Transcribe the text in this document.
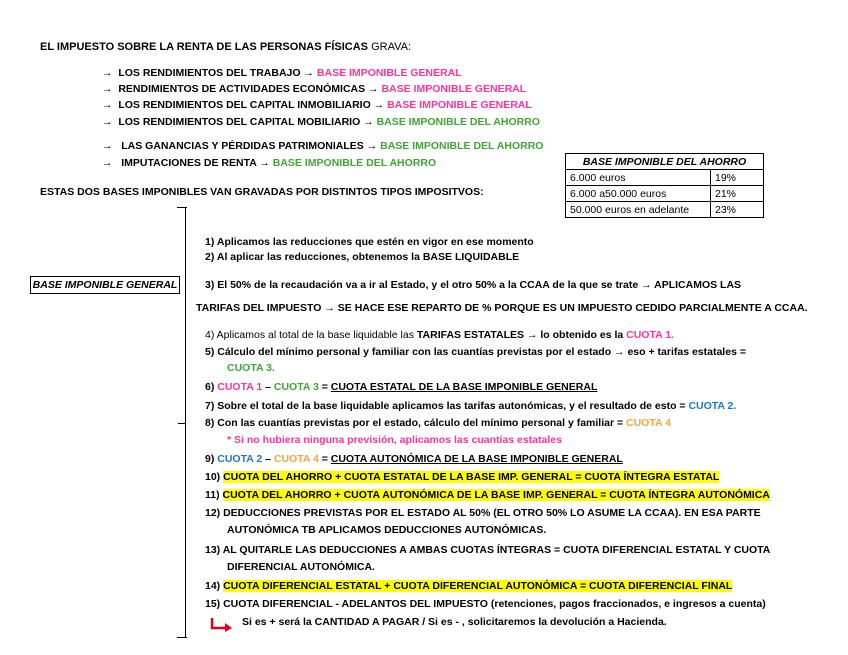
EL IMPUESTO SOBRE LA RENTA DE LAS PERSONAS FÍSICAS GRAVA:
→ LOS RENDIMIENTOS DEL TRABAJO → BASE IMPONIBLE GENERAL
→ RENDIMIENTOS DE ACTIVIDADES ECONÓMICAS → BASE IMPONIBLE GENERAL
→ LOS RENDIMIENTOS DEL CAPITAL INMOBILIARIO → BASE IMPONIBLE GENERAL
→ LOS RENDIMIENTOS DEL CAPITAL MOBILIARIO → BASE IMPONIBLE DEL AHORRO
→ LAS GANANCIAS Y PÉRDIDAS PATRIMONIALES → BASE IMPONIBLE DEL AHORRO
→ IMPUTACIONES DE RENTA → BASE IMPONIBLE DEL AHORRO
ESTAS DOS BASES IMPONIBLES VAN GRAVADAS POR DISTINTOS TIPOS IMPOSITVOS:
BASE IMPONIBLE DEL AHORRO	
6.000 euros	19%
6.000 a50.000 euros	21%
50.000 euros en adelante	23%
BASE IMPONIBLE GENERAL
1) Aplicamos las reducciones que estén en vigor en ese momento
2) Al aplicar las reducciones, obtenemos la BASE LIQUIDABLE
3) El 50% de la recaudación va a ir al Estado, y el otro 50% a la CCAA de la que se trate → APLICAMOS LAS
TARIFAS DEL IMPUESTO → SE HACE ESE REPARTO DE % PORQUE ES UN IMPUESTO CEDIDO PARCIALMENTE A CCAA.
4) Aplicamos al total de la base liquidable las TARIFAS ESTATALES → lo obtenido es la CUOTA 1.
5) Cálculo del mínimo personal y familiar con las cuantías previstas por el estado → eso + tarifas estatales =
CUOTA 3.
6) CUOTA 1 – CUOTA 3 = CUOTA ESTATAL DE LA BASE IMPONIBLE GENERAL
7) Sobre el total de la base liquidable aplicamos las tarifas autonómicas, y el resultado de esto = CUOTA 2.
8) Con las cuantías previstas por el estado, cálculo del mínimo personal y familiar = CUOTA 4
* Si no hubiera ninguna previsión, aplicamos las cuantías estatales
9) CUOTA 2 – CUOTA 4 = CUOTA AUTONÓMICA DE LA BASE IMPONIBLE GENERAL
10) CUOTA DEL AHORRO + CUOTA ESTATAL DE LA BASE IMP. GENERAL = CUOTA ÍNTEGRA ESTATAL
11) CUOTA DEL AHORRO + CUOTA AUTONÓMICA DE LA BASE IMP. GENERAL = CUOTA ÍNTEGRA AUTONÓMICA
12) DEDUCCIONES PREVISTAS POR EL ESTADO AL 50% (EL OTRO 50% LO ASUME LA CCAA). EN ESA PARTE
AUTONÓMICA TB APLICAMOS DEDUCCIONES AUTONÓMICAS.
13) AL QUITARLE LAS DEDUCCIONES A AMBAS CUOTAS ÍNTEGRAS = CUOTA DIFERENCIAL ESTATAL Y CUOTA
DIFERENCIAL AUTONÓMICA.
14) CUOTA DIFERENCIAL ESTATAL + CUOTA DIFERENCIAL AUTONÓMICA = CUOTA DIFERENCIAL FINAL
15) CUOTA DIFERENCIAL - ADELANTOS DEL IMPUESTO (retenciones, pagos fraccionados, e ingresos a cuenta)
Si es + será la CANTIDAD A PAGAR / Si es - , solicitaremos la devolución a Hacienda.
